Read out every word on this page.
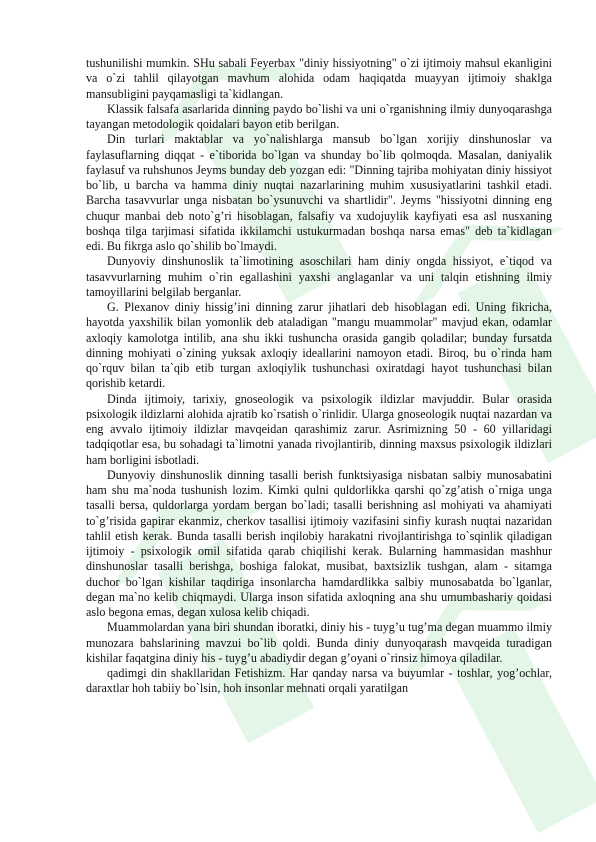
tushunilishi mumkin. SHu sabali Feyerbax "diniy hissiyotning" o`zi ijtimoiy mahsul ekanligini va o`zi tahlil qilayotgan mavhum alohida odam haqiqatda muayyan ijtimoiy shaklga mansubligini payqamasligi ta`kidlangan.

Klassik falsafa asarlarida dinning paydo bo`lishi va uni o`rganishning ilmiy dunyoqarashga tayangan metodologik qoidalari bayon etib berilgan.

Din turlari maktablar va yo`nalishlarga mansub bo`lgan xorijiy dinshunoslar va faylasuflarning diqqat - e`tiborida bo`lgan va shunday bo`lib qolmoqda. Masalan, daniyalik faylasuf va ruhshunos Jeyms bunday deb yozgan edi: "Dinning tajriba mohiyatan diniy hissiyot bo`lib, u barcha va hamma diniy nuqtai nazarlarining muhim xususiyatlarini tashkil etadi. Barcha tasavvurlar unga nisbatan bo`ysunuvchi va shartlidir". Jeyms "hissiyotni dinning eng chuqur manbai deb noto`g’ri hisoblagan, falsafiy va xudojuylik kayfiyati esa asl nusxaning boshqa tilga tarjimasi sifatida ikkilamchi ustukurmadan boshqa narsa emas" deb ta`kidlagan edi. Bu fikrga aslo qo`shilib bo`lmaydi.

Dunyoviy dinshunoslik ta`limotining asoschilari ham diniy ongda hissiyot, e`tiqod va tasavvurlarning muhim o`rin egallashini yaxshi anglaganlar va uni talqin etishning ilmiy tamoyillarini belgilab berganlar.

G. Plexanov diniy hissig’ini dinning zarur jihatlari deb hisoblagan edi. Uning fikricha, hayotda yaxshilik bilan yomonlik deb ataladigan "mangu muammolar" mavjud ekan, odamlar axloqiy kamolotga intilib, ana shu ikki tushuncha orasida gangib qoladilar; bunday fursatda dinning mohiyati o`zining yuksak axloqiy ideallarini namoyon etadi. Biroq, bu o`rinda ham qo`rquv bilan ta`qib etib turgan axloqiylik tushunchasi oxiratdagi hayot tushunchasi bilan qorishib ketardi.

Dinda ijtimoiy, tarixiy, gnoseologik va psixologik ildizlar mavjuddir. Bular orasida psixologik ildizlarni alohida ajratib ko`rsatish o`rinlidir. Ularga gnoseologik nuqtai nazardan va eng avvalo ijtimoiy ildizlar mavqeidan qarashimiz zarur. Asrimizning 50 - 60 yillaridagi tadqiqotlar esa, bu sohadagi ta`limotni yanada rivojlantirib, dinning maxsus psixologik ildizlari ham borligini isbotladi.

Dunyoviy dinshunoslik dinning tasalli berish funktsiyasiga nisbatan salbiy munosabatini ham shu ma`noda tushunish lozim. Kimki qulni quldorlikka qarshi qo`zg’atish o`rniga unga tasalli bersa, quldorlarga yordam bergan bo`ladi; tasalli berishning asl mohiyati va ahamiyati to`g’risida gapirar ekanmiz, cherkov tasallisi ijtimoiy vazifasini sinfiy kurash nuqtai nazaridan tahlil etish kerak. Bunda tasalli berish inqilobiy harakatni rivojlantirishga to`sqinlik qiladigan ijtimoiy - psixologik omil sifatida qarab chiqilishi kerak. Bularning hammasidan mashhur dinshunoslar tasalli berishga, boshiga falokat, musibat, baxtsizlik tushgan, alam - sitamga duchor bo`lgan kishilar taqdiriga insonlarcha hamdardlikka salbiy munosabatda bo`lganlar, degan ma`no kelib chiqmaydi. Ularga inson sifatida axloqning ana shu umumbashariy qoidasi aslo begona emas, degan xulosa kelib chiqadi.

Muammolardan yana biri shundan iboratki, diniy his - tuyg’u tug’ma degan muammo ilmiy munozara bahslarining mavzui bo`lib qoldi. Bunda diniy dunyoqarash mavqeida turadigan kishilar faqatgina diniy his - tuyg’u abadiydir degan g’oyani o`rinsiz himoya qiladilar.

qadimgi din shakllaridan Fetishizm. Har qanday narsa va buyumlar - toshlar, yog’ochlar, daraxtlar hoh tabiiy bo`lsin, hoh insonlar mehnati orqali yaratilgan
